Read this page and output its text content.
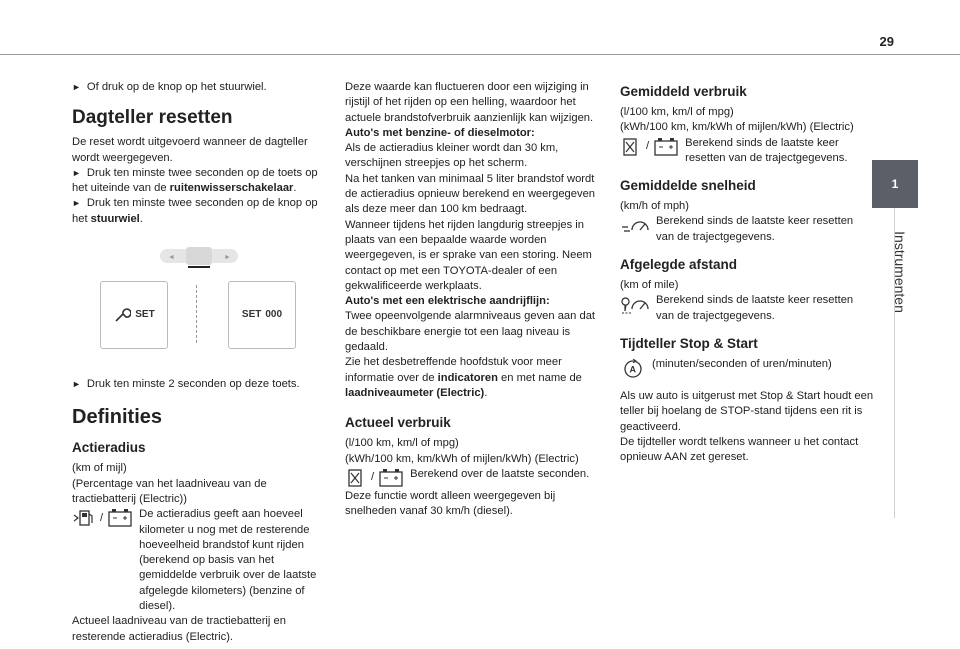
29
1
Instrumenten

► Of druk op de knop op het stuurwiel.

Dagteller resetten

De reset wordt uitgevoerd wanneer de dagteller wordt weergegeven.

► Druk ten minste twee seconden op de toets op het uiteinde van de ruitenwisserschakelaar.

► Druk ten minste twee seconden op de knop op het stuurwiel.

◄	►
SET	SET 000

► Druk ten minste 2 seconden op deze toets.

Definities
Actieradius

(km of mijl)

(Percentage van het laadniveau van de tractiebatterij (Electric))

/	De actieradius geeft aan hoeveel kilometer u nog met de resterende hoeveelheid brandstof kunt rijden (berekend op basis van het gemiddelde verbruik over de laatste afgelegde kilometers) (benzine of diesel).

Actueel laadniveau van de tractiebatterij en resterende actieradius (Electric).

Deze waarde kan fluctueren door een wijziging in rijstijl of het rijden op een helling, waardoor het actuele brandstofverbruik aanzienlijk kan wijzigen.

Auto's met benzine- of dieselmotor:

Als de actieradius kleiner wordt dan 30 km, verschijnen streepjes op het scherm.

Na het tanken van minimaal 5 liter brandstof wordt de actieradius opnieuw berekend en weergegeven als deze meer dan 100 km bedraagt.

Wanneer tijdens het rijden langdurig streepjes in plaats van een bepaalde waarde worden weergegeven, is er sprake van een storing. Neem contact op met een TOYOTA-dealer of een gekwalificeerde werkplaats.

Auto's met een elektrische aandrijflijn:

Twee opeenvolgende alarmniveaus geven aan dat de beschikbare energie tot een laag niveau is gedaald.

Zie het desbetreffende hoofdstuk voor meer informatie over de indicatoren en met name de laadniveaumeter (Electric).

Actueel verbruik

(l/100 km, km/l of mpg)

(kWh/100 km, km/kWh of mijlen/kWh) (Electric)

/	Berekend over de laatste seconden.

Deze functie wordt alleen weergegeven bij snelheden vanaf 30 km/h (diesel).

Gemiddeld verbruik

(l/100 km, km/l of mpg)

(kWh/100 km, km/kWh of mijlen/kWh) (Electric)

/	Berekend sinds de laatste keer resetten van de trajectgegevens.
Gemiddelde snelheid

(km/h of mph)

Berekend sinds de laatste keer resetten van de trajectgegevens.
Afgelegde afstand

(km of mile)

Berekend sinds de laatste keer resetten van de trajectgegevens.
Tijdteller Stop & Start
A (minuten/seconden of uren/minuten)

Als uw auto is uitgerust met Stop & Start houdt een teller bij hoelang de STOP-stand tijdens een rit is geactiveerd.

De tijdteller wordt telkens wanneer u het contact opnieuw AAN zet gereset.
